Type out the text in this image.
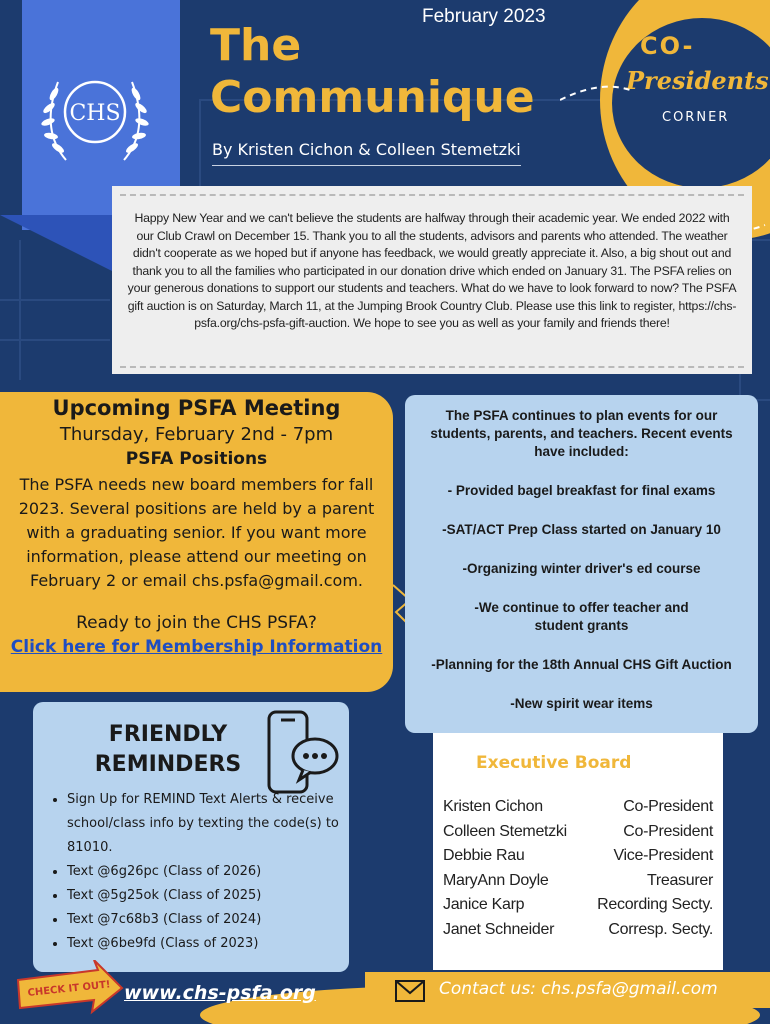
CHS
February 2023
The
Communique
By Kristen Cichon & Colleen Stemetzki
CO-
Presidents
CORNER
Happy New Year and we can't believe the students are halfway through their academic year. We ended 2022 with our Club Crawl on December 15. Thank you to all the students, advisors and parents who attended. The weather didn't cooperate as we hoped but if anyone has feedback, we would greatly appreciate it. Also, a big shout out and thank you to all the families who participated in our donation drive which ended on January 31. The PSFA relies on your generous donations to support our students and teachers. What do we have to look forward to now? The PSFA gift auction is on Saturday, March 11, at the Jumping Brook Country Club. Please use this link to register, https://chs-psfa.org/chs-psfa-gift-auction. We hope to see you as well as your family and friends there!
Upcoming PSFA Meeting
Thursday, February 2nd - 7pm
PSFA Positions
The PSFA needs new board members for fall 2023. Several positions are held by a parent with a graduating senior. If you want more information, please attend our meeting on February 2 or email chs.psfa@gmail.com.
Ready to join the CHS PSFA?
Click here for Membership Information
The PSFA continues to plan events for our students, parents, and teachers. Recent events have included:
- Provided bagel breakfast for final exams
-SAT/ACT Prep Class started on January 10
-Organizing winter driver's ed course
-We continue to offer teacher and student grants
-Planning for the 18th Annual CHS Gift Auction
-New spirit wear items
FRIENDLY REMINDERS
• Sign Up for REMIND Text Alerts & receive school/class info by texting the code(s) to 81010.
• Text @6g26pc (Class of 2026)
• Text @5g25ok (Class of 2025)
• Text @7c68b3 (Class of 2024)
• Text @6be9fd (Class of 2023)
Executive Board
Kristen Cichon	Co-President
Colleen Stemetzki	Co-President
Debbie Rau	Vice-President
MaryAnn Doyle	Treasurer
Janice Karp	Recording Secty.
Janet Schneider	Corresp. Secty.
Contact us: chs.psfa@gmail.com
CHECK IT OUT! www.chs-psfa.org
